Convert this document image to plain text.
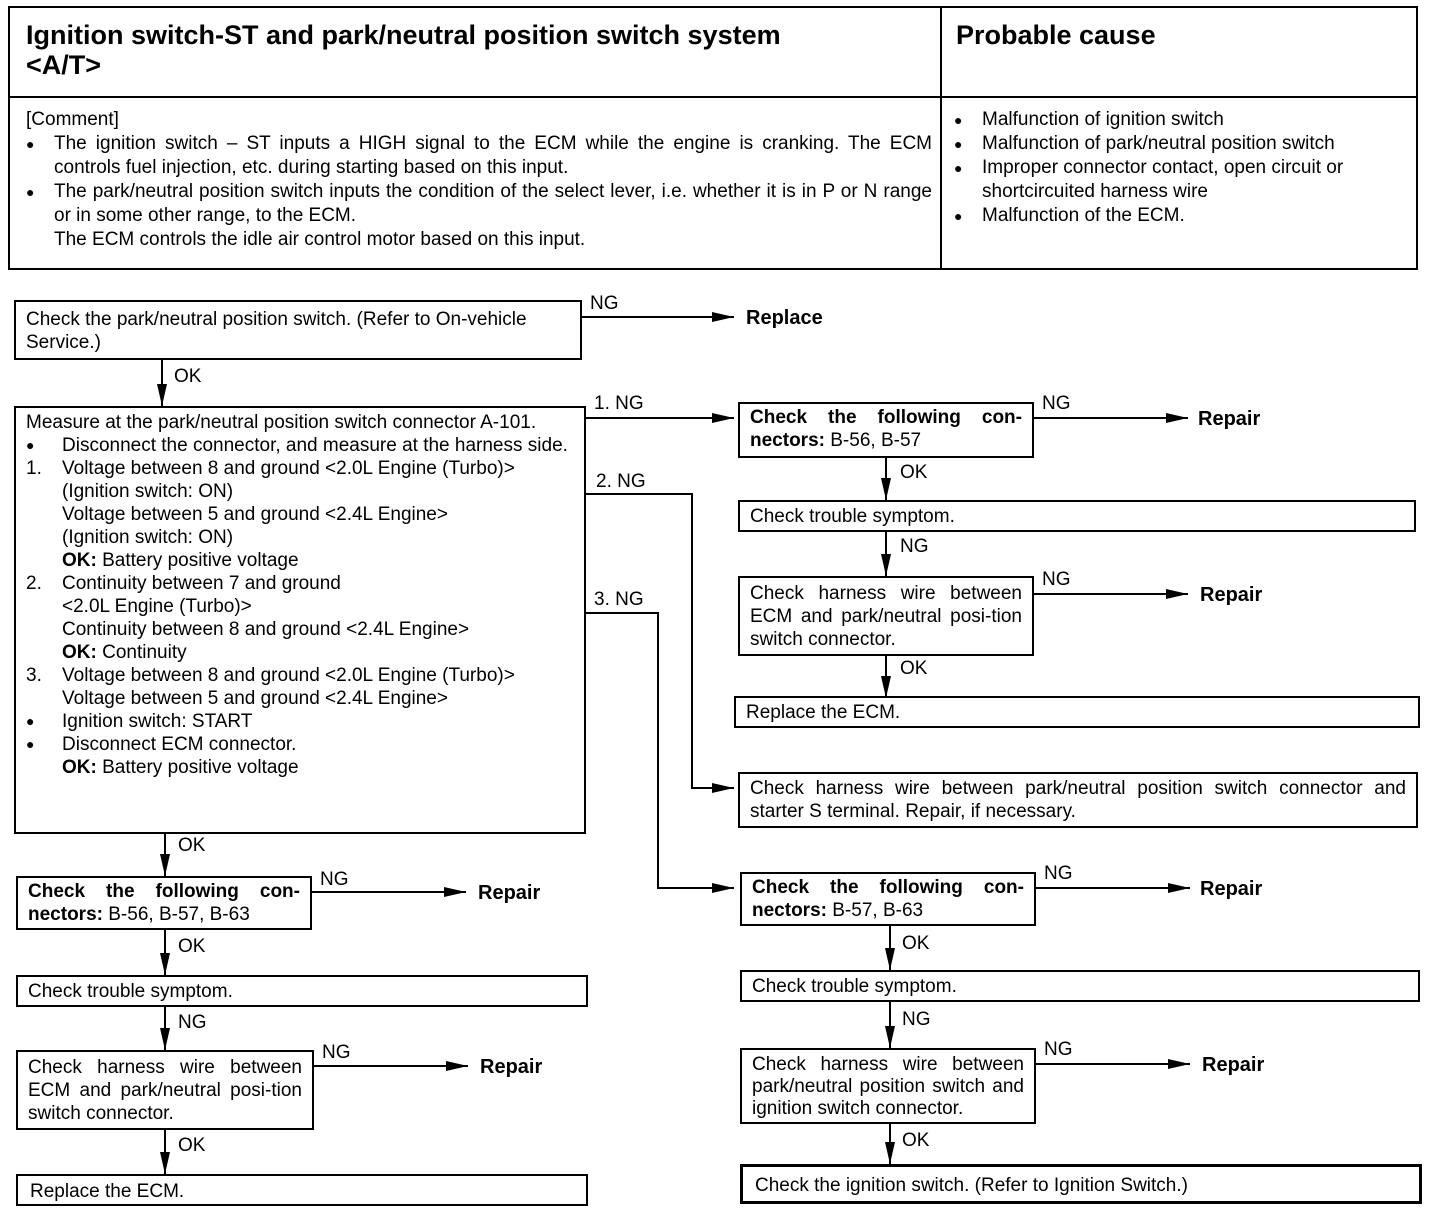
Ignition switch-ST and park/neutral position switch system
<A/T>
Probable cause
[Comment]
● The ignition switch – ST inputs a HIGH signal to the ECM while the engine is cranking. The ECM controls fuel injection, etc. during starting based on this input.
● The park/neutral position switch inputs the condition of the select lever, i.e. whether it is in P or N range or in some other range, to the ECM.
The ECM controls the idle air control motor based on this input.
● Malfunction of ignition switch
● Malfunction of park/neutral position switch
● Improper connector contact, open circuit or shortcircuited harness wire
● Malfunction of the ECM.
Check the park/neutral position switch. (Refer to On-vehicle Service.)
NG
Replace
OK
Measure at the park/neutral position switch connector A-101.
● Disconnect the connector, and measure at the harness side.
1. Voltage between 8 and ground <2.0L Engine (Turbo)>
(Ignition switch: ON)
Voltage between 5 and ground <2.4L Engine>
(Ignition switch: ON)
OK: Battery positive voltage
2. Continuity between 7 and ground
<2.0L Engine (Turbo)>
Continuity between 8 and ground <2.4L Engine>
OK: Continuity
3. Voltage between 8 and ground <2.0L Engine (Turbo)>
Voltage between 5 and ground <2.4L Engine>
● Ignition switch: START
● Disconnect ECM connector.
OK: Battery positive voltage
1. NG
2. NG
3. NG
Check the following con-nectors: B-56, B-57
NG
Repair
OK
Check trouble symptom.
NG
Check harness wire between ECM and park/neutral posi-tion switch connector.
NG
Repair
OK
Replace the ECM.
Check harness wire between park/neutral position switch connector and starter S terminal. Repair, if necessary.
Check the following con-nectors: B-57, B-63
NG
Repair
OK
Check trouble symptom.
NG
Check harness wire between park/neutral position switch and ignition switch connector.
NG
Repair
OK
Check the ignition switch. (Refer to Ignition Switch.)
OK
Check the following con-nectors: B-56, B-57, B-63
NG
Repair
OK
Check trouble symptom.
NG
Check harness wire between ECM and park/neutral posi-tion switch connector.
NG
Repair
OK
Replace the ECM.
